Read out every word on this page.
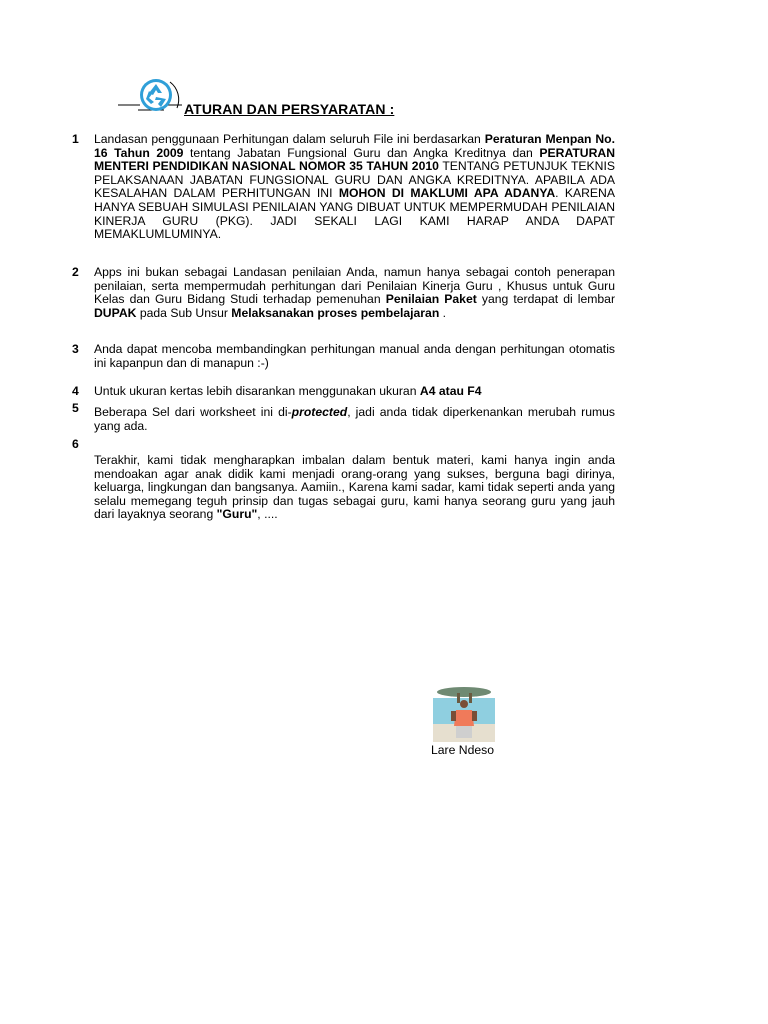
ATURAN DAN PERSYARATAN :
1	Landasan penggunaan Perhitungan dalam seluruh File ini berdasarkan Peraturan Menpan No. 16 Tahun 2009 tentang Jabatan Fungsional Guru dan Angka Kreditnya dan PERATURAN MENTERI PENDIDIKAN NASIONAL NOMOR 35 TAHUN 2010 TENTANG PETUNJUK TEKNIS PELAKSANAAN JABATAN FUNGSIONAL GURU DAN ANGKA KREDITNYA. APABILA ADA KESALAHAN DALAM PERHITUNGAN INI MOHON DI MAKLUMI APA ADANYA. KARENA HANYA SEBUAH SIMULASI PENILAIAN YANG DIBUAT UNTUK MEMPERMUDAH PENILAIAN KINERJA GURU (PKG). JADI SEKALI LAGI KAMI HARAP ANDA DAPAT MEMAKLUMLUMINYA.
2	Apps ini bukan sebagai Landasan penilaian Anda, namun hanya sebagai contoh penerapan penilaian, serta mempermudah perhitungan dari Penilaian Kinerja Guru , Khusus untuk Guru Kelas dan Guru Bidang Studi terhadap pemenuhan Penilaian Paket yang terdapat di lembar DUPAK pada Sub Unsur Melaksanakan proses pembelajaran .
3	Anda dapat mencoba membandingkan perhitungan manual anda dengan perhitungan otomatis ini kapanpun dan di manapun :-)
4	Untuk ukuran kertas lebih disarankan menggunakan ukuran A4 atau F4
5	Beberapa Sel dari worksheet ini di-protected, jadi anda tidak diperkenankan merubah rumus yang ada.
6
Terakhir, kami tidak mengharapkan imbalan dalam bentuk materi, kami hanya ingin anda mendoakan agar anak didik kami menjadi orang-orang yang sukses, berguna bagi dirinya, keluarga, lingkungan dan bangsanya. Aamiin., Karena kami sadar, kami tidak seperti anda yang selalu memegang teguh prinsip dan tugas sebagai guru, kami hanya seorang guru yang jauh dari layaknya seorang "Guru", ....
Lare Ndeso
